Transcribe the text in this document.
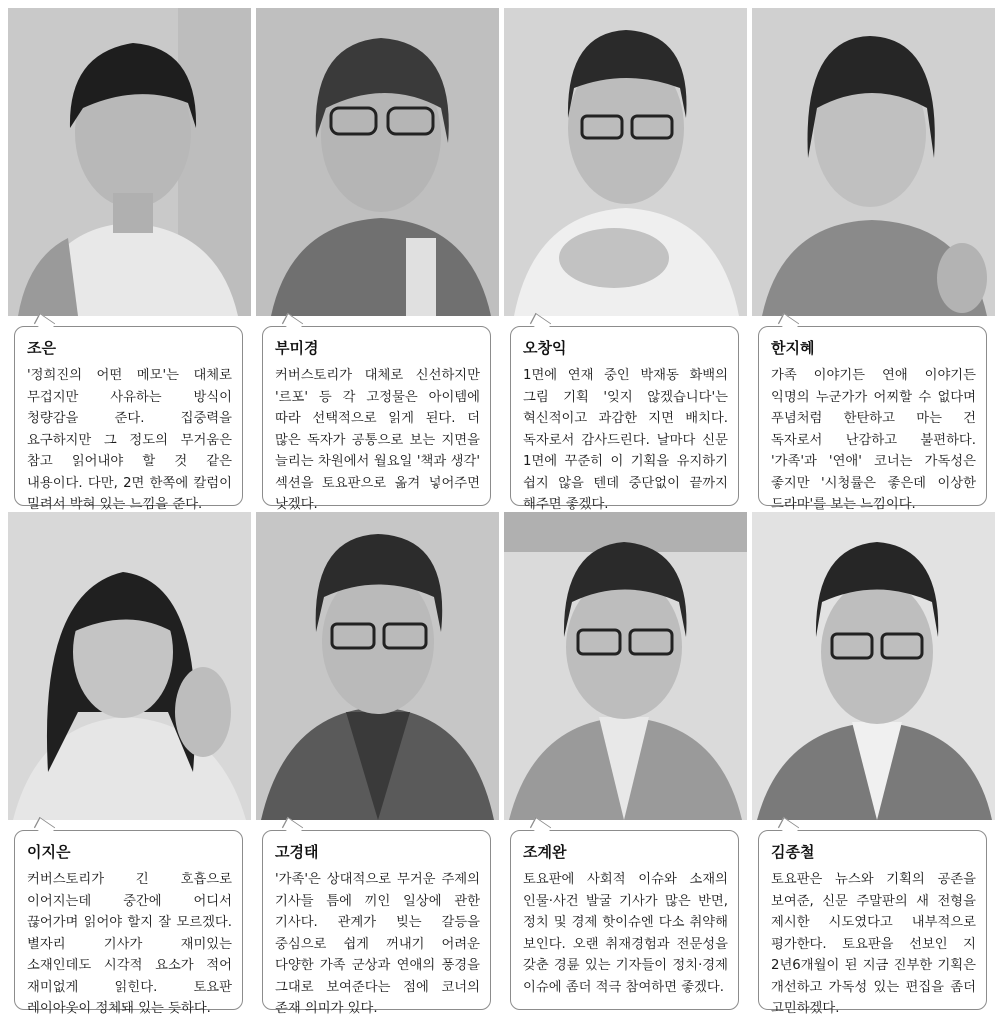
조은

'정희진의 어떤 메모'는 대체로 무겁지만 사유하는 방식이 청량감을 준다. 집중력을 요구하지만 그 정도의 무거움은 참고 읽어내야 할 것 같은 내용이다. 다만, 2면 한쪽에 칼럼이 밀려서 박혀 있는 느낌을 준다.

부미경

커버스토리가 대체로 신선하지만 '르포' 등 각 고정물은 아이템에 따라 선택적으로 읽게 된다. 더 많은 독자가 공통으로 보는 지면을 늘리는 차원에서 월요일 '책과 생각' 섹션을 토요판으로 옮겨 넣어주면 낫겠다.

오창익

1면에 연재 중인 박재동 화백의 그림 기획 '잊지 않겠습니다'는 혁신적이고 과감한 지면 배치다. 독자로서 감사드린다. 날마다 신문 1면에 꾸준히 이 기획을 유지하기 쉽지 않을 텐데 중단없이 끝까지 해주면 좋겠다.

한지혜

가족 이야기든 연애 이야기든 익명의 누군가가 어찌할 수 없다며 푸념처럼 한탄하고 마는 건 독자로서 난감하고 불편하다. '가족'과 '연애' 코너는 가독성은 좋지만 '시청률은 좋은데 이상한 드라마'를 보는 느낌이다.

이지은

커버스토리가 긴 호흡으로 이어지는데 중간에 어디서 끊어가며 읽어야 할지 잘 모르겠다. 별자리 기사가 재미있는 소재인데도 시각적 요소가 적어 재미없게 읽힌다. 토요판 레이아웃이 정체돼 있는 듯하다.

고경태

'가족'은 상대적으로 무거운 주제의 기사들 틈에 끼인 일상에 관한 기사다. 관계가 빚는 갈등을 중심으로 쉽게 꺼내기 어려운 다양한 가족 군상과 연애의 풍경을 그대로 보여준다는 점에 코너의 존재 의미가 있다.

조계완

토요판에 사회적 이슈와 소재의 인물·사건 발굴 기사가 많은 반면, 정치 및 경제 핫이슈엔 다소 취약해 보인다. 오랜 취재경험과 전문성을 갖춘 경륜 있는 기자들이 정치·경제 이슈에 좀더 적극 참여하면 좋겠다.

김종철

토요판은 뉴스와 기획의 공존을 보여준, 신문 주말판의 새 전형을 제시한 시도였다고 내부적으로 평가한다. 토요판을 선보인 지 2년6개월이 된 지금 진부한 기획은 개선하고 가독성 있는 편집을 좀더 고민하겠다.
